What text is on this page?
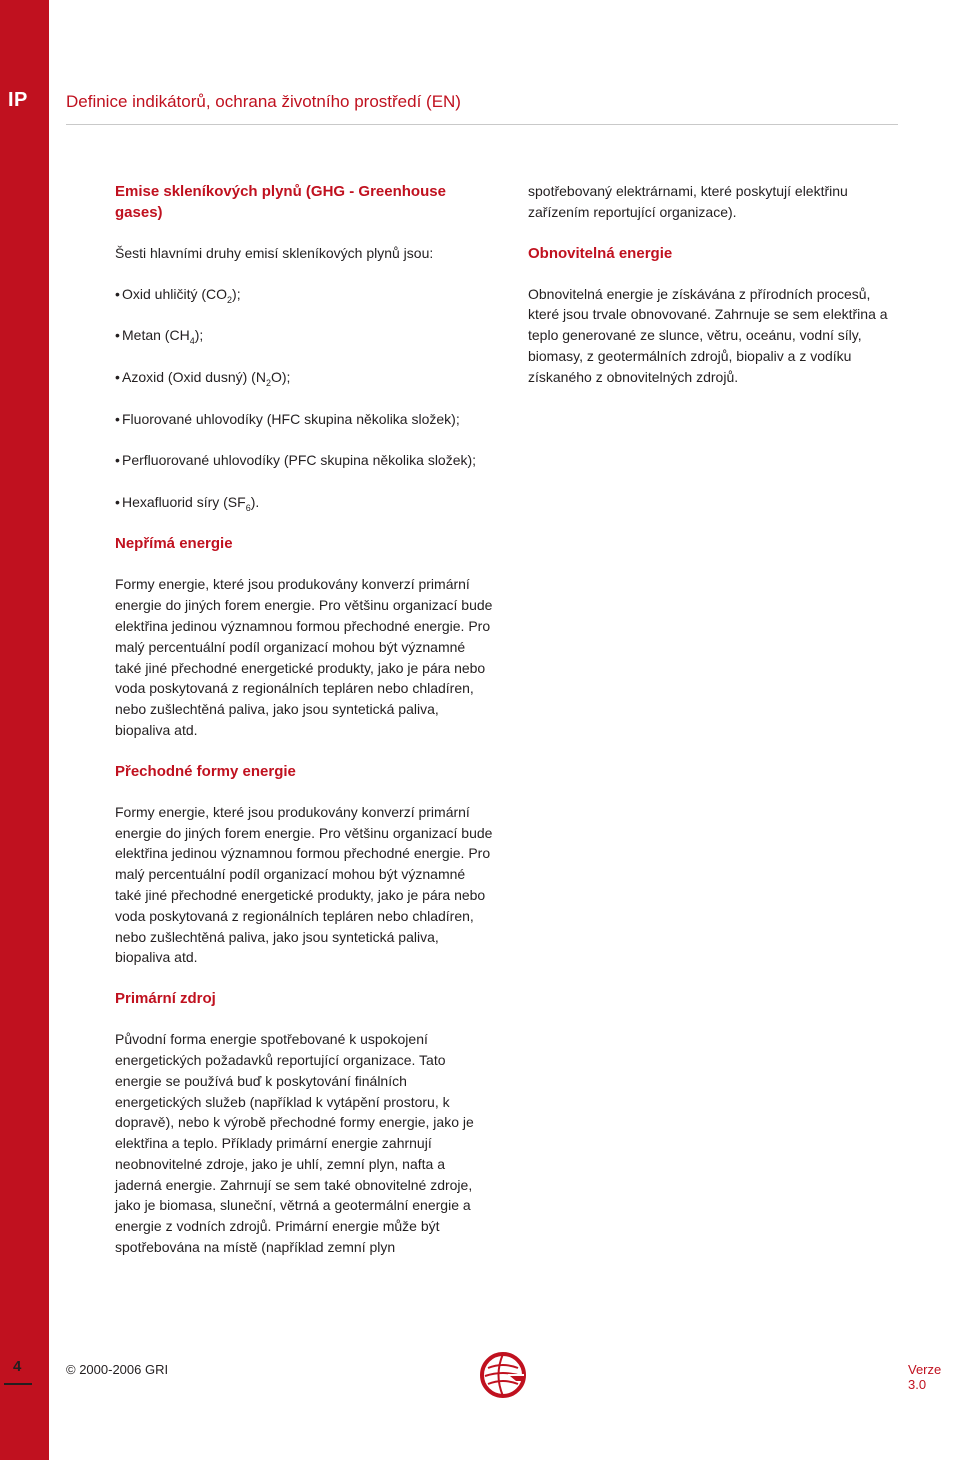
IP Definice indikátorů, ochrana životního prostředí (EN)
Emise skleníkových plynů (GHG - Greenhouse gases)
Šesti hlavními druhy emisí skleníkových plynů jsou:
• Oxid uhličitý $(CO_2)$;
• Metan $(CH_4)$;
• Azoxid (Oxid dusný) $(N_2O)$;
• Fluorované uhlovodíky (HFC skupina několika složek);
• Perfluorované uhlovodíky (PFC skupina několika složek);
• Hexafluorid síry $(SF_6)$.
Nepřímá energie
Formy energie, které jsou produkovány konverzí primární energie do jiných forem energie. Pro většinu organizací bude elektřina jedinou významnou formou přechodné energie. Pro malý percentuální podíl organizací mohou být významné také jiné přechodné energetické produkty, jako je pára nebo voda poskytovaná z regionálních tepláren nebo chladíren, nebo zušlechtěná paliva, jako jsou syntetická paliva, biopaliva atd.
Přechodné formy energie
Formy energie, které jsou produkovány konverzí primární energie do jiných forem energie. Pro většinu organizací bude elektřina jedinou významnou formou přechodné energie. Pro malý percentuální podíl organizací mohou být významné také jiné přechodné energetické produkty, jako je pára nebo voda poskytovaná z regionálních tepláren nebo chladíren, nebo zušlechtěná paliva, jako jsou syntetická paliva, biopaliva atd.
Primární zdroj
Původní forma energie spotřebované k uspokojení energetických požadavků reportující organizace. Tato energie se používá buď k poskytování finálních energetických služeb (například k vytápění prostoru, k dopravě), nebo k výrobě přechodné formy energie, jako je elektřina a teplo. Příklady primární energie zahrnují neobnovitelné zdroje, jako je uhlí, zemní plyn, nafta a jaderná energie. Zahrnují se sem také obnovitelné zdroje, jako je biomasa, sluneční, větrná a geotermální energie a energie z vodních zdrojů. Primární energie může být spotřebována na místě (například zemní plyn
spotřebovaný elektrárnami, které poskytují elektřinu zařízením reportující organizace).
Obnovitelná energie
Obnovitelná energie je získávána z přírodních procesů, které jsou trvale obnovované. Zahrnuje se sem elektřina a teplo generované ze slunce, větru, oceánu, vodní síly, biomasy, z geotermálních zdrojů, biopaliv a z vodíku získaného z obnovitelných zdrojů.
4	© 2000-2006 GRI	Verze 3.0
